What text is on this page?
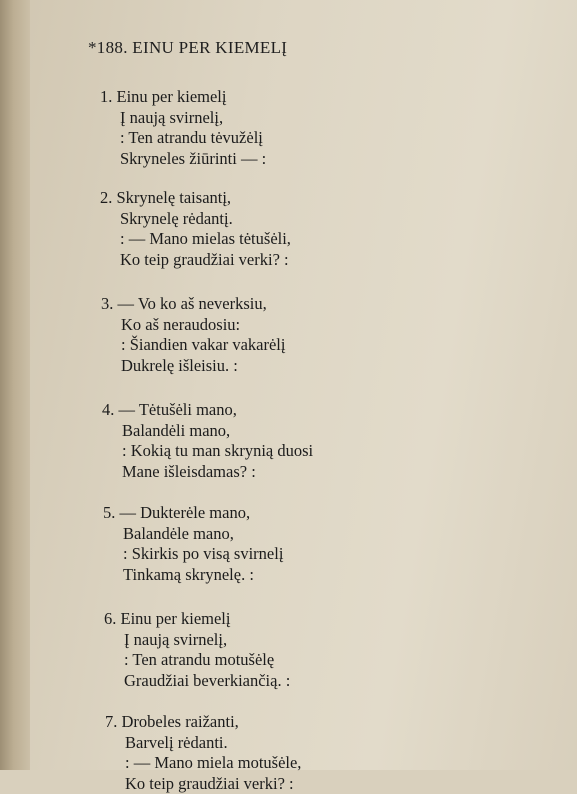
*188. EINU PER KIEMELĮ
1. Einu per kiemelį
Į naują svirnelį,
: Ten atrandu tėvužėlį
Skryneles žiūrinti — :
2. Skrynelę taisantį,
Skrynelę rėdantį.
: — Mano mielas tėtušėli,
Ko teip graudžiai verki? :
3. — Vo ko aš neverksiu,
Ko aš neraudosiu:
: Šiandien vakar vakarėlį
Dukrelę išleisiu. :
4. — Tėtušėli mano,
Balandėli mano,
: Kokią tu man skrynią duosi
Mane išleisdamas? :
5. — Dukterėle mano,
Balandėle mano,
: Skirkis po visą svirnelį
Tinkamą skrynelę. :
6. Einu per kiemelį
Į naują svirnelį,
: Ten atrandu motušėlę
Graudžiai beverkiančią. :
7. Drobeles raižanti,
Barvelį rėdanti.
: — Mano miela motušėle,
Ko teip graudžiai verki? :
